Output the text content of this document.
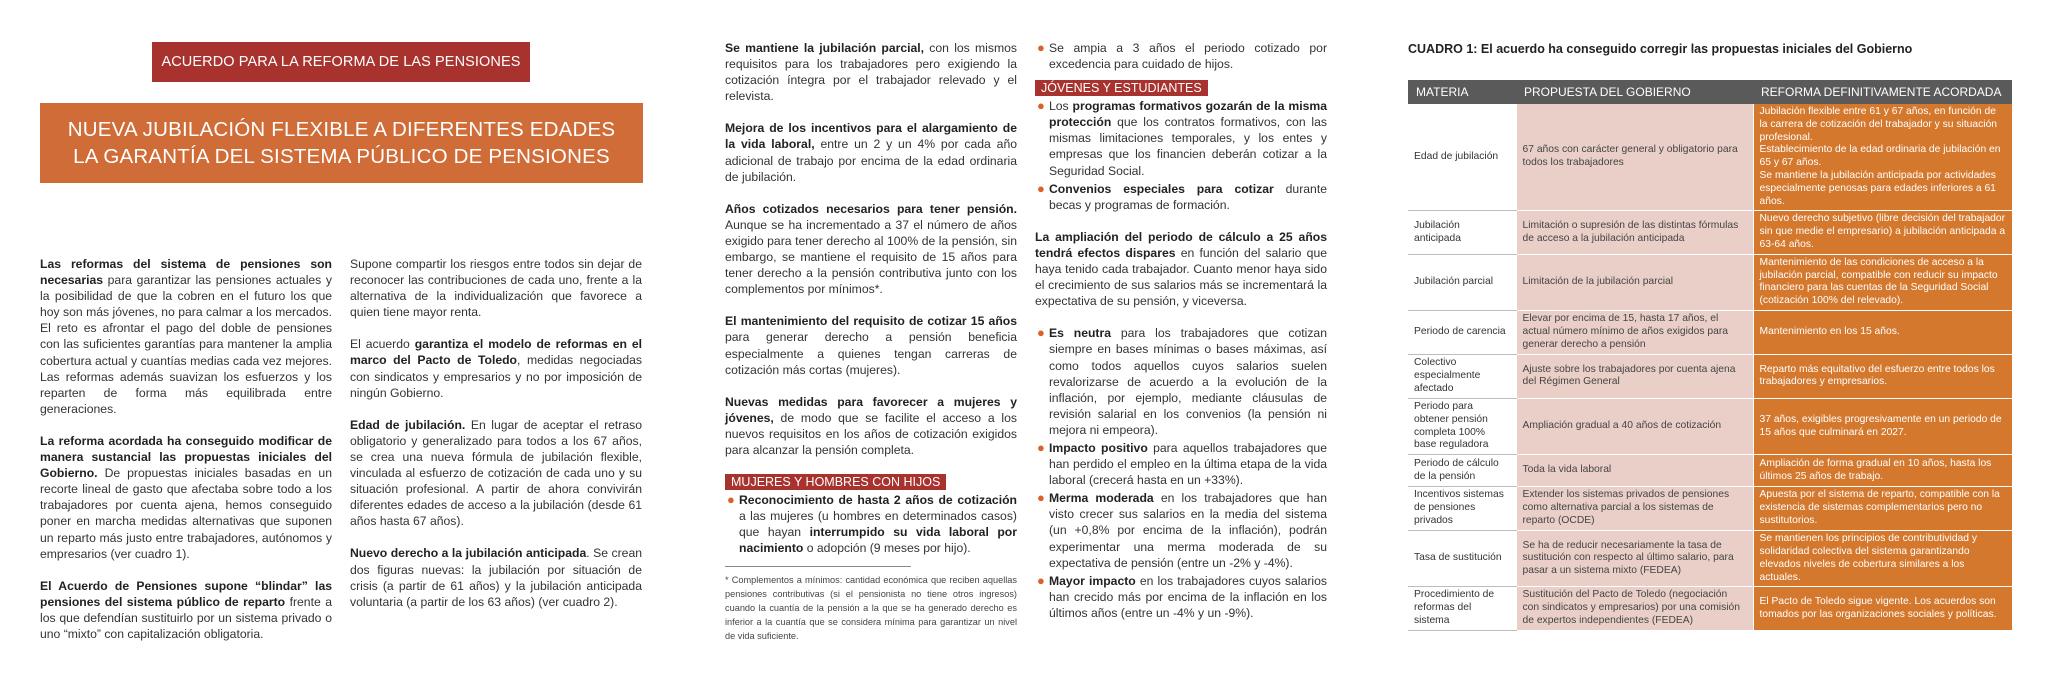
ACUERDO PARA LA REFORMA DE LAS PENSIONES
NUEVA JUBILACIÓN FLEXIBLE A DIFERENTES EDADES
LA GARANTÍA DEL SISTEMA PÚBLICO DE PENSIONES

Las reformas del sistema de pensiones son necesarias para garantizar las pensiones actuales y la posibilidad de que la cobren en el futuro los que hoy son más jóvenes, no para calmar a los mercados. El reto es afrontar el pago del doble de pensiones con las suficientes garantías para mantener la amplia cobertura actual y cuantías medias cada vez mejores. Las reformas además suavizan los esfuerzos y los reparten de forma más equilibrada entre generaciones.

La reforma acordada ha conseguido modificar de manera sustancial las propuestas iniciales del Gobierno. De propuestas iniciales basadas en un recorte lineal de gasto que afectaba sobre todo a los trabajadores por cuenta ajena, hemos conseguido poner en marcha medidas alternativas que suponen un reparto más justo entre trabajadores, autónomos y empresarios (ver cuadro 1).

El Acuerdo de Pensiones supone “blindar” las pensiones del sistema público de reparto frente a los que defendían sustituirlo por un sistema privado o uno “mixto” con capitalización obligatoria.

Supone compartir los riesgos entre todos sin dejar de reconocer las contribuciones de cada uno, frente a la alternativa de la individualización que favorece a quien tiene mayor renta.

El acuerdo garantiza el modelo de reformas en el marco del Pacto de Toledo, medidas negociadas con sindicatos y empresarios y no por imposición de ningún Gobierno.

Edad de jubilación. En lugar de aceptar el retraso obligatorio y generalizado para todos a los 67 años, se crea una nueva fórmula de jubilación flexible, vinculada al esfuerzo de cotización de cada uno y su situación profesional. A partir de ahora convivirán diferentes edades de acceso a la jubilación (desde 61 años hasta 67 años).

Nuevo derecho a la jubilación anticipada. Se crean dos figuras nuevas: la jubilación por situación de crisis (a partir de 61 años) y la jubilación anticipada voluntaria (a partir de los 63 años) (ver cuadro 2).

Se mantiene la jubilación parcial, con los mismos requisitos para los trabajadores pero exigiendo la cotización íntegra por el trabajador relevado y el relevista.

Mejora de los incentivos para el alargamiento de la vida laboral, entre un 2 y un 4% por cada año adicional de trabajo por encima de la edad ordinaria de jubilación.

Años cotizados necesarios para tener pensión. Aunque se ha incrementado a 37 el número de años exigido para tener derecho al 100% de la pensión, sin embargo, se mantiene el requisito de 15 años para tener derecho a la pensión contributiva junto con los complementos por mínimos*.

El mantenimiento del requisito de cotizar 15 años para generar derecho a pensión beneficia especialmente a quienes tengan carreras de cotización más cortas (mujeres).

Nuevas medidas para favorecer a mujeres y jóvenes, de modo que se facilite el acceso a los nuevos requisitos en los años de cotización exigidos para alcanzar la pensión completa.

MUJERES Y HOMBRES CON HIJOS
● Reconocimiento de hasta 2 años de cotización a las mujeres (u hombres en determinados casos) que hayan interrumpido su vida laboral por nacimiento o adopción (9 meses por hijo).
* Complementos a mínimos: cantidad económica que reciben aquellas pensiones contributivas (si el pensionista no tiene otros ingresos) cuando la cuantía de la pensión a la que se ha generado derecho es inferior a la cuantía que se considera mínima para garantizar un nivel de vida suficiente.
● Se ampia a 3 años el periodo cotizado por excedencia para cuidado de hijos.
JÓVENES Y ESTUDIANTES
● Los programas formativos gozarán de la misma protección que los contratos formativos, con las mismas limitaciones temporales, y los entes y empresas que los financien deberán cotizar a la Seguridad Social.
● Convenios especiales para cotizar durante becas y programas de formación.

La ampliación del periodo de cálculo a 25 años tendrá efectos dispares en función del salario que haya tenido cada trabajador. Cuanto menor haya sido el crecimiento de sus salarios más se incrementará la expectativa de su pensión, y viceversa.

● Es neutra para los trabajadores que cotizan siempre en bases mínimas o bases máximas, así como todos aquellos cuyos salarios suelen revalorizarse de acuerdo a la evolución de la inflación, por ejemplo, mediante cláusulas de revisión salarial en los convenios (la pensión ni mejora ni empeora).
● Impacto positivo para aquellos trabajadores que han perdido el empleo en la última etapa de la vida laboral (crecerá hasta en un +33%).
● Merma moderada en los trabajadores que han visto crecer sus salarios en la media del sistema (un +0,8% por encima de la inflación), podrán experimentar una merma moderada de su expectativa de pensión (entre un -2% y -4%).
● Mayor impacto en los trabajadores cuyos salarios han crecido más por encima de la inflación en los últimos años (entre un -4% y un -9%).
CUADRO 1: El acuerdo ha conseguido corregir las propuestas iniciales del Gobierno
MATERIA	PROPUESTA DEL GOBIERNO	REFORMA DEFINITIVAMENTE ACORDADA
Edad de jubilación	67 años con carácter general y obligatorio para todos los trabajadores	Jubilación flexible entre 61 y 67 años, en función de la carrera de cotización del trabajador y su situación profesional.
Establecimiento de la edad ordinaria de jubilación en 65 y 67 años.
Se mantiene la jubilación anticipada por actividades especialmente penosas para edades inferiores a 61 años.
Jubilación anticipada	Limitación o supresión de las distintas fórmulas de acceso a la jubilación anticipada	Nuevo derecho subjetivo (libre decisión del trabajador sin que medie el empresario) a jubilación anticipada a 63-64 años.
Jubilación parcial	Limitación de la jubilación parcial	Mantenimiento de las condiciones de acceso a la jubilación parcial, compatible con reducir su impacto financiero para las cuentas de la Seguridad Social (cotización 100% del relevado).
Periodo de carencia	Elevar por encima de 15, hasta 17 años, el actual número mínimo de años exigidos para generar derecho a pensión	Mantenimiento en los 15 años.
Colectivo especialmente afectado	Ajuste sobre los trabajadores por cuenta ajena del Régimen General	Reparto más equitativo del esfuerzo entre todos los trabajadores y empresarios.
Periodo para obtener pensión completa 100% base reguladora	Ampliación gradual a 40 años de cotización	37 años, exigibles progresivamente en un periodo de 15 años que culminará en 2027.
Periodo de cálculo de la pensión	Toda la vida laboral	Ampliación de forma gradual en 10 años, hasta los últimos 25 años de trabajo.
Incentivos sistemas de pensiones privados	Extender los sistemas privados de pensiones como alternativa parcial a los sistemas de reparto (OCDE)	Apuesta por el sistema de reparto, compatible con la existencia de sistemas complementarios pero no sustitutorios.
Tasa de sustitución	Se ha de reducir necesariamente la tasa de sustitución con respecto al último salario, para pasar a un sistema mixto (FEDEA)	Se mantienen los principios de contributividad y solidaridad colectiva del sistema garantizando elevados niveles de cobertura similares a los actuales.
Procedimiento de reformas del sistema	Sustitución del Pacto de Toledo (negociación con sindicatos y empresarios) por una comisión de expertos independientes (FEDEA)	El Pacto de Toledo sigue vigente. Los acuerdos son tomados por las organizaciones sociales y políticas.
